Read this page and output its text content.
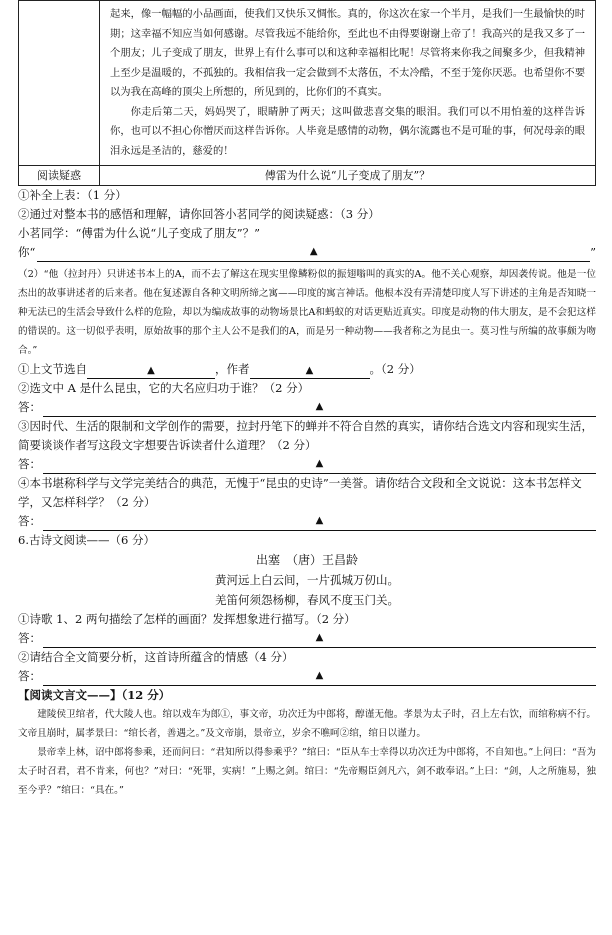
	起来，像一幅幅的小品画面，使我们又快乐又惆怅。真的，你这次在家一个半月，是我们一生最愉快的时期；这幸福不知应当如何感谢。尽管我远不能给你，至此也不由得要谢谢上帝了！我高兴的是我又多了一个朋友；儿子变成了朋友，世界上有什么事可以和这种幸福相比呢！尽管将来你我之间聚多少，但我精神上至少是温暖的，不孤独的。我相信我一定会做到不太落伍，不太冷酷，不至于笼你厌恶。也希望你不要以为我在高峰的顶尖上所想的，所见到的，比你们的不真实。

你走后第二天，妈妈哭了，眼睛肿了两天；这叫做悲喜交集的眼泪。我们可以不用怕羞的这样告诉你，也可以不担心你憎厌而这样告诉你。人毕竟是感情的动物，偶尔流露也不是可耻的事，何况母亲的眼泪永远是圣洁的，慈爱的！

阅读疑惑	傅雷为什么说“儿子变成了朋友”？

①补全上表：（1 分）

②通过对整本书的感悟和理解，请你回答小茗同学的阅读疑惑：（3 分）

小茗同学：“傅雷为什么说“儿子变成了朋友”？”

你“	▲	”

（2）“他（拉封丹）只讲述书本上的A，而不去了解这在现实里像鳞粉似的振翅嗡叫的真实的A。他不关心观察，却因袭传说。他是一位杰出的故事讲述者的后来者。他在复述源自各种文明所缔之寓——印度的寓言神话。他根本没有弄清楚印度人写下讲述的主角是否知晓一种无法已的生活会导致什么样的危险，却以为编成故事的动物场景比A和蚂蚁的对话更贴近真实。印度是动物的伟大朋友，是不会犯这样的错误的。这一切似乎表明，原始故事的那个主人公不是我们的A，而是另一种动物——我者称之为昆虫一。莫习性与所编的故事颇为吻合。”

①上文节选自	▲	，作者	▲	。（2 分）

②选文中 A 是什么昆虫，它的大名应归功于谁？（2 分）

答：	▲

③因时代、生活的限制和文学创作的需要，拉封丹笔下的蝉并不符合自然的真实，请你结合选文内容和现实生活，简要谈谈作者写这段文字想要告诉读者什么道理？（2 分）

答：	▲

④本书堪称科学与文学完美结合的典范，无愧于“昆虫的史诗”一美誉。请你结合文段和全文说说：这本书怎样文学，又怎样科学？（2 分）

答：	▲

6.古诗文阅读——（6 分）

出塞　（唐）王昌龄

黄河远上白云间，一片孤城万仞山。

羌笛何须怨杨柳，春风不度玉门关。

①诗歌 1、2 两句描绘了怎样的画面？发挥想象进行描写。（2 分）

答：	▲

②请结合全文简要分析，这首诗所蕴含的情感（4 分）

答：	▲

【阅读文言文——】（12 分）

建陵侯卫绾者，代大陵人也。绾以戏车为郎①，事文帝，功次迁为中郎将，醇谨无他。孝景为太子时，召上左右饮，而绾称病不行。文帝且崩时，属孝景曰：“绾长者，善遇之。”及文帝崩，景帝立，岁余不噍呵②绾，绾日以谨力。

景帝幸上林，诏中郎将参乘，还而问曰：“君知所以得参乘乎？”绾曰：“臣从车士幸得以功次迁为中郎将，不自知也。”上问曰：“吾为太子时召君，君不肯来，何也？”对曰：“死罪，实病！”上赐之剑。绾曰：“先帝赐臣剑凡六，剑不敢奉诏。”上曰：“剑，人之所施易，独至今乎？”绾曰：“具在。”
